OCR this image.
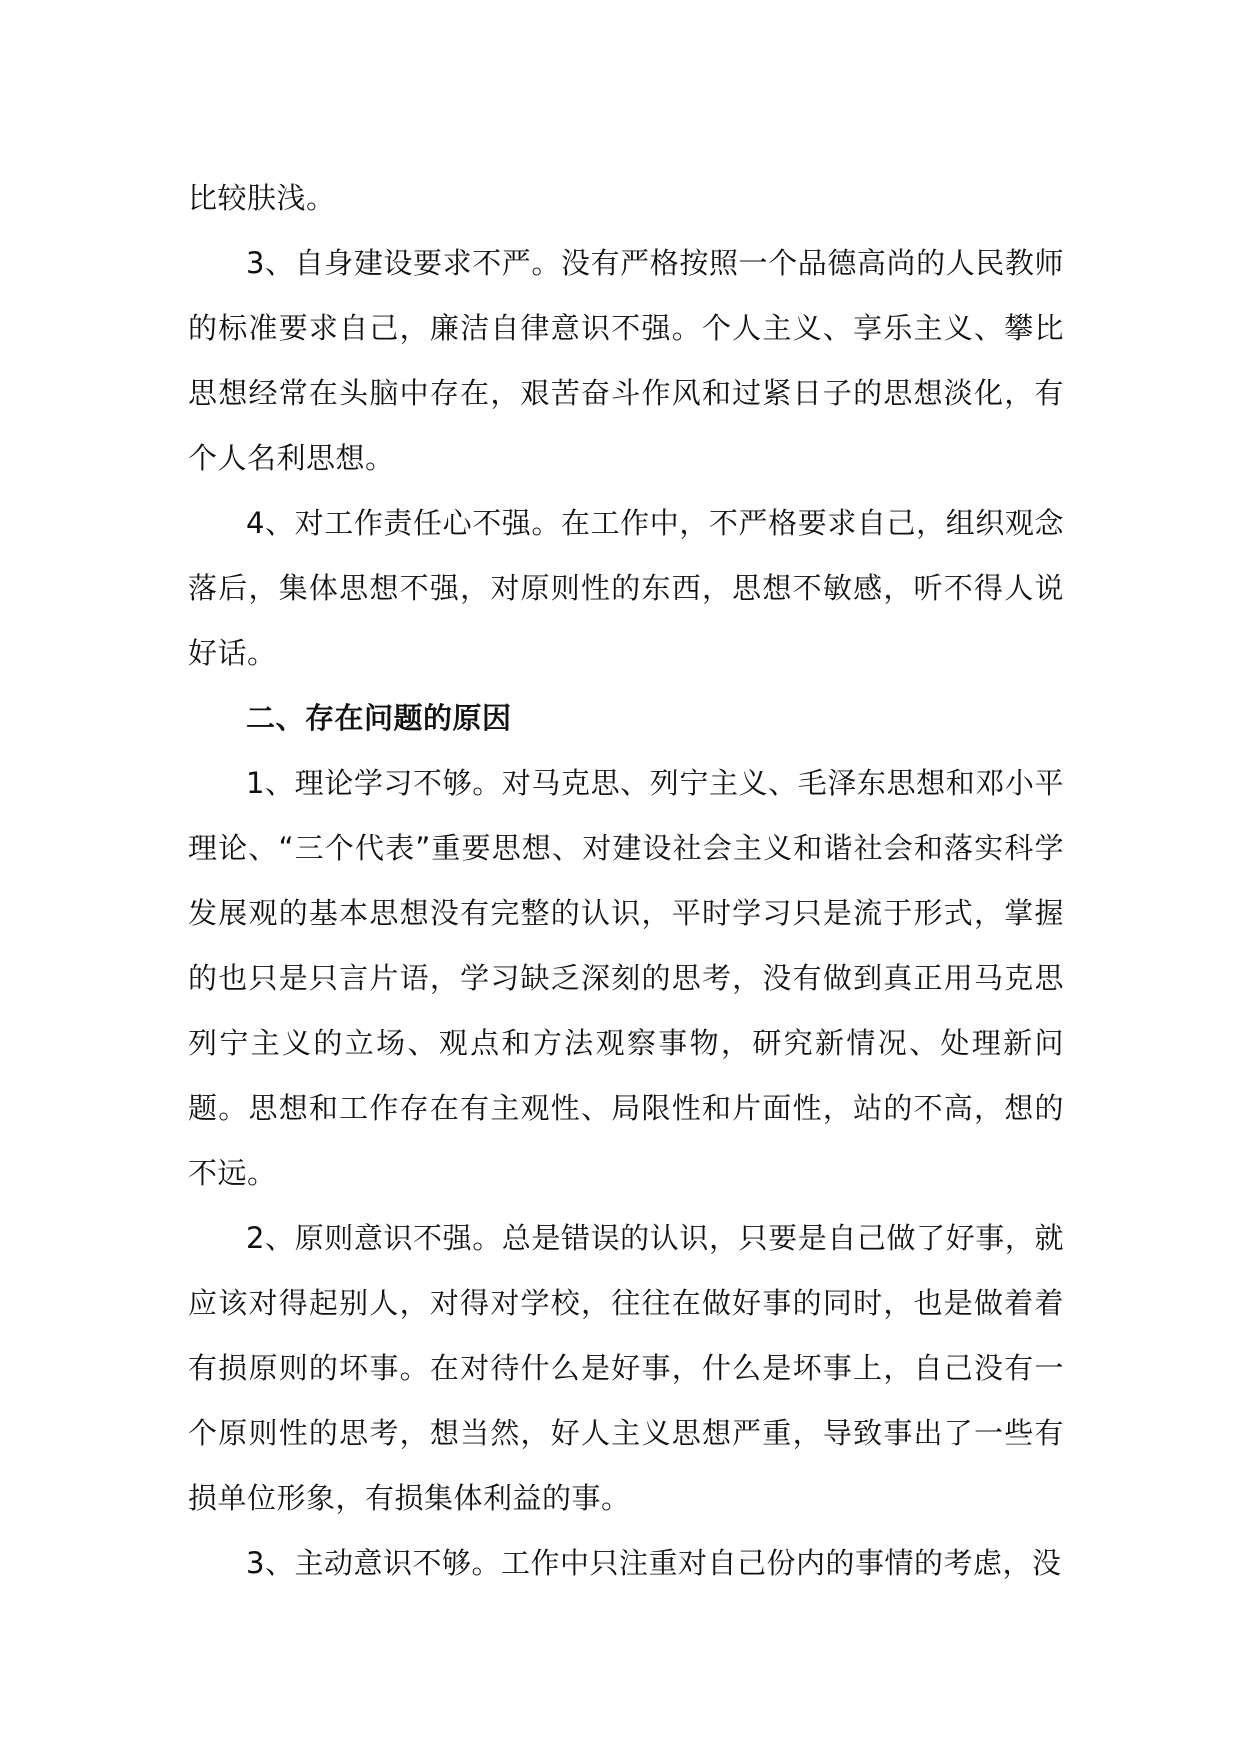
比较肤浅。

3、自身建设要求不严。没有严格按照一个品德高尚的人民教师的标准要求自己，廉洁自律意识不强。个人主义、享乐主义、攀比思想经常在头脑中存在，艰苦奋斗作风和过紧日子的思想淡化，有个人名利思想。

4、对工作责任心不强。在工作中，不严格要求自己，组织观念落后，集体思想不强，对原则性的东西，思想不敏感，听不得人说好话。

二、存在问题的原因

1、理论学习不够。对马克思、列宁主义、毛泽东思想和邓小平理论、“三个代表”重要思想、对建设社会主义和谐社会和落实科学发展观的基本思想没有完整的认识，平时学习只是流于形式，掌握的也只是只言片语，学习缺乏深刻的思考，没有做到真正用马克思列宁主义的立场、观点和方法观察事物，研究新情况、处理新问题。思想和工作存在有主观性、局限性和片面性，站的不高，想的不远。

2、原则意识不强。总是错误的认识，只要是自己做了好事，就应该对得起别人，对得对学校，往往在做好事的同时，也是做着着有损原则的坏事。在对待什么是好事，什么是坏事上，自己没有一个原则性的思考，想当然，好人主义思想严重，导致事出了一些有损单位形象，有损集体利益的事。

3、主动意识不够。工作中只注重对自己份内的事情的考虑，没
